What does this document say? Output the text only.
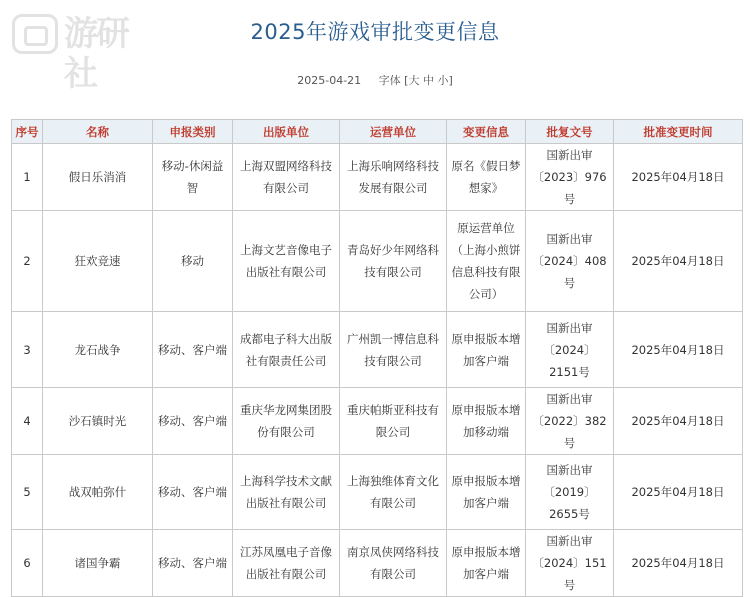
游研社
2025年游戏审批变更信息
2025-04-21 字体 [大 中 小]
序号	名称	申报类别	出版单位	运营单位	变更信息	批复文号	批准变更时间
1	假日乐消消	移动-休闲益智	上海双盟网络科技有限公司	上海乐响网络科技发展有限公司	原名《假日梦想家》	国新出审〔2023〕976号	2025年04月18日
2	狂欢竞速	移动	上海文艺音像电子出版社有限公司	青岛好少年网络科技有限公司	原运营单位（上海小煎饼信息科技有限公司）	国新出审〔2024〕408号	2025年04月18日
3	龙石战争	移动、客户端	成都电子科大出版社有限责任公司	广州凯一博信息科技有限公司	原申报版本增加客户端	国新出审〔2024〕2151号	2025年04月18日
4	沙石镇时光	移动、客户端	重庆华龙网集团股份有限公司	重庆帕斯亚科技有限公司	原申报版本增加移动端	国新出审〔2022〕382号	2025年04月18日
5	战双帕弥什	移动、客户端	上海科学技术文献出版社有限公司	上海独维体育文化有限公司	原申报版本增加客户端	国新出审〔2019〕2655号	2025年04月18日
6	诸国争霸	移动、客户端	江苏凤凰电子音像出版社有限公司	南京凤侠网络科技有限公司	原申报版本增加客户端	国新出审〔2024〕151号	2025年04月18日
